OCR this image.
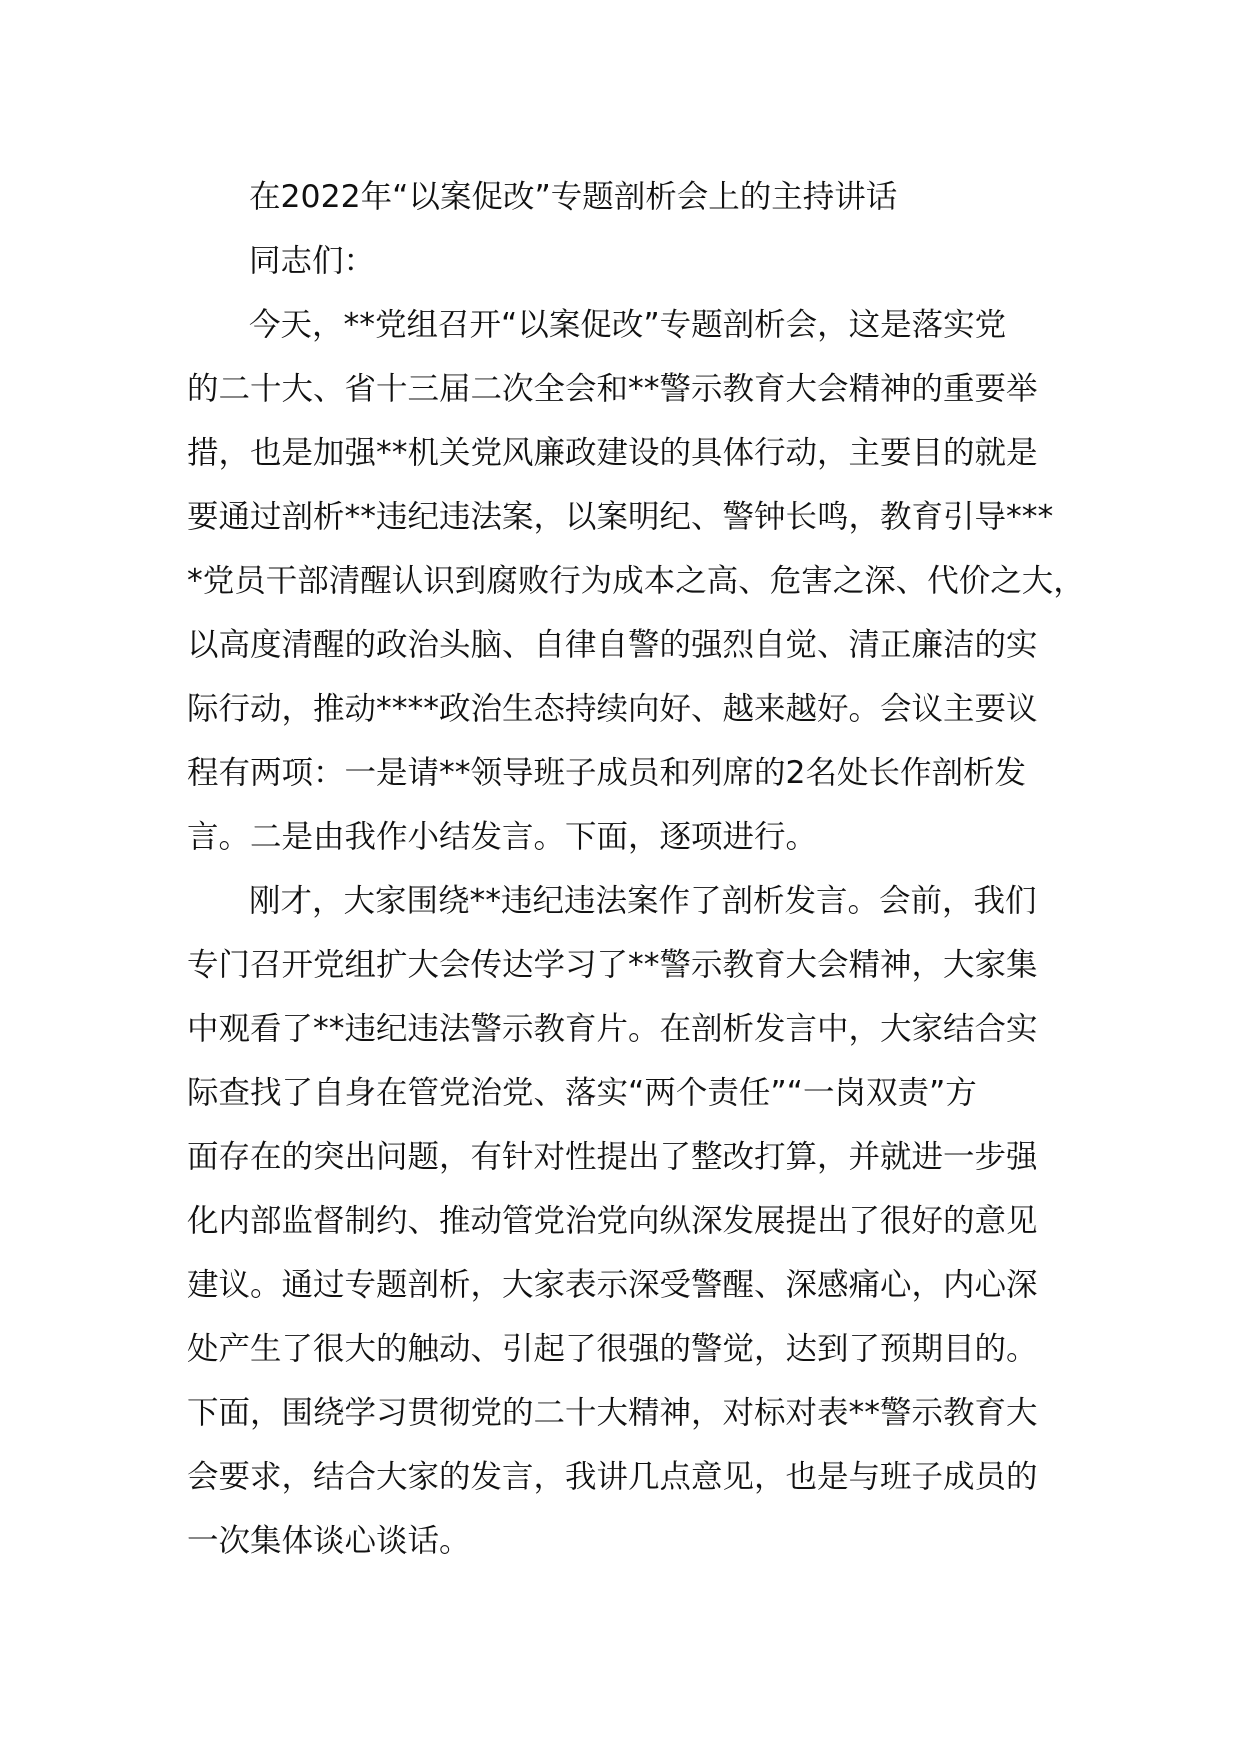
在2022年“以案促改”专题剖析会上的主持讲话
同志们：
今天，**党组召开“以案促改”专题剖析会，这是落实党
的二十大、省十三届二次全会和**警示教育大会精神的重要举
措，也是加强**机关党风廉政建设的具体行动，主要目的就是
要通过剖析**违纪违法案，以案明纪、警钟长鸣，教育引导***
*党员干部清醒认识到腐败行为成本之高、危害之深、代价之大，
以高度清醒的政治头脑、自律自警的强烈自觉、清正廉洁的实
际行动，推动****政治生态持续向好、越来越好。会议主要议
程有两项：一是请**领导班子成员和列席的2名处长作剖析发
言。二是由我作小结发言。下面，逐项进行。
刚才，大家围绕**违纪违法案作了剖析发言。会前，我们
专门召开党组扩大会传达学习了**警示教育大会精神，大家集
中观看了**违纪违法警示教育片。在剖析发言中，大家结合实
际查找了自身在管党治党、落实“两个责任”“一岗双责”方
面存在的突出问题，有针对性提出了整改打算，并就进一步强
化内部监督制约、推动管党治党向纵深发展提出了很好的意见
建议。通过专题剖析，大家表示深受警醒、深感痛心，内心深
处产生了很大的触动、引起了很强的警觉，达到了预期目的。
下面，围绕学习贯彻党的二十大精神，对标对表**警示教育大
会要求，结合大家的发言，我讲几点意见，也是与班子成员的
一次集体谈心谈话。
